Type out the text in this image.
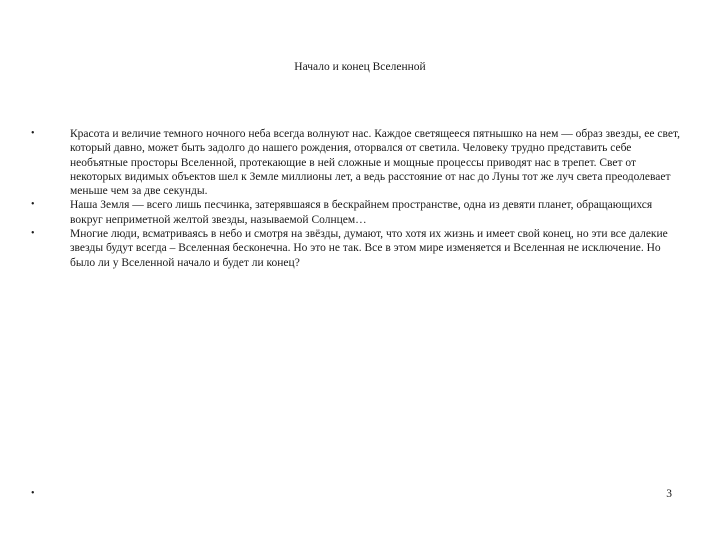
Начало и конец Вселенной
•	Красота и величие темного ночного неба всегда волнуют нас. Каждое светящееся пятнышко на нем — образ звезды, ее свет, который давно, может быть задолго до нашего рождения, оторвался от светила. Человеку трудно представить себе необъятные просторы Вселенной, протекающие в ней сложные и мощные процессы приводят нас в трепет. Свет от некоторых видимых объектов шел к Земле миллионы лет, а ведь расстояние от нас до Луны тот же луч света преодолевает меньше чем за две секунды.
•	Наша Земля — всего лишь песчинка, затерявшаяся в бескрайнем пространстве, одна из девяти планет, обращающихся вокруг неприметной желтой звезды, называемой Солнцем…
•	Многие люди, всматриваясь в небо и смотря на звёзды, думают, что хотя их жизнь и имеет свой конец, но эти все далекие звезды будут всегда – Вселенная бесконечна. Но это не так. Все в этом мире изменяется и Вселенная не исключение. Но было ли у Вселенной начало и будет ли конец?
•	3
